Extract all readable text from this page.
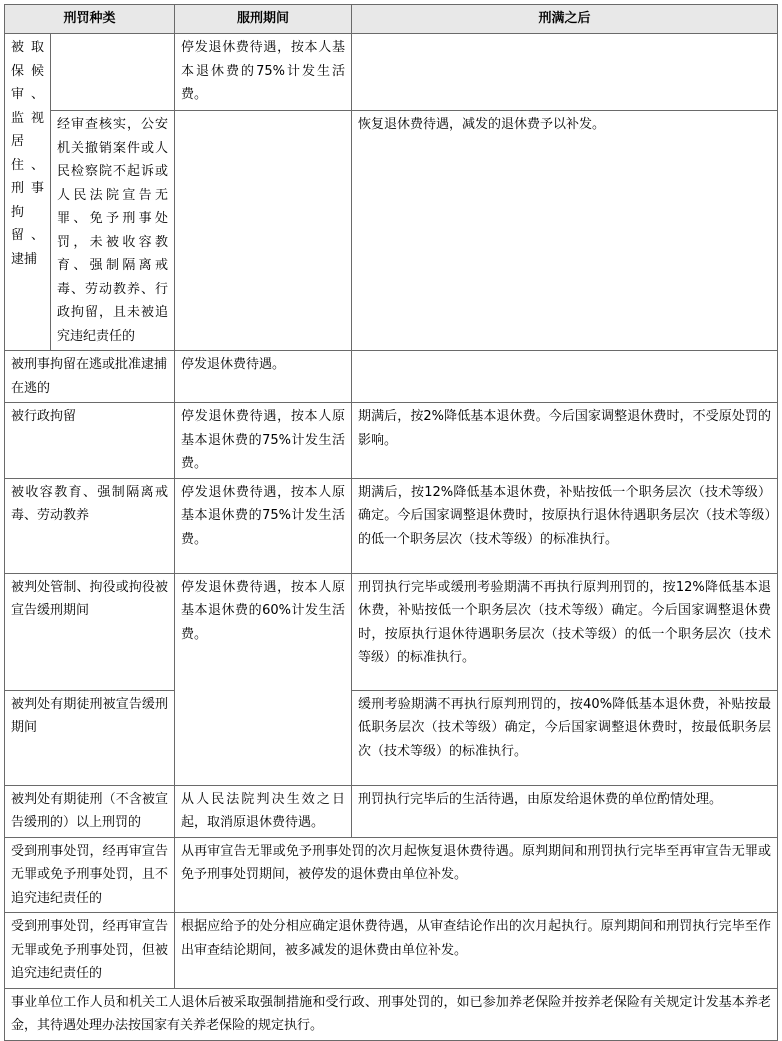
刑罚种类		服刑期间	刑满之后
被取保候审、监视居住、刑事拘留、逮捕		停发退休费待遇，按本人基本退休费的75%计发生活费。	
	经审查核实，公安机关撤销案件或人民检察院不起诉或人民法院宣告无罪、免予刑事处罚，未被收容教育、强制隔离戒毒、劳动教养、行政拘留，且未被追究违纪责任的		恢复退休费待遇，减发的退休费予以补发。
被刑事拘留在逃或批准逮捕在逃的		停发退休费待遇。	
被行政拘留		停发退休费待遇，按本人原基本退休费的75%计发生活费。	期满后，按2%降低基本退休费。今后国家调整退休费时，不受原处罚的影响。
被收容教育、强制隔离戒毒、劳动教养		停发退休费待遇，按本人原基本退休费的75%计发生活费。	期满后，按12%降低基本退休费，补贴按低一个职务层次（技术等级）确定。今后国家调整退休费时，按原执行退休待遇职务层次（技术等级）的低一个职务层次（技术等级）的标准执行。
被判处管制、拘役或拘役被宣告缓刑期间		停发退休费待遇，按本人原基本退休费的60%计发生活费。	刑罚执行完毕或缓刑考验期满不再执行原判刑罚的，按12%降低基本退休费，补贴按低一个职务层次（技术等级）确定。今后国家调整退休费时，按原执行退休待遇职务层次（技术等级）的低一个职务层次（技术等级）的标准执行。
被判处有期徒刑被宣告缓刑期间			缓刑考验期满不再执行原判刑罚的，按40%降低基本退休费，补贴按最低职务层次（技术等级）确定，今后国家调整退休费时，按最低职务层次（技术等级）的标准执行。
被判处有期徒刑（不含被宣告缓刑的）以上刑罚的		从人民法院判决生效之日起，取消原退休费待遇。	刑罚执行完毕后的生活待遇，由原发给退休费的单位酌情处理。
受到刑事处罚，经再审宣告无罪或免予刑事处罚，且不追究违纪责任的		从再审宣告无罪或免予刑事处罚的次月起恢复退休费待遇。原判期间和刑罚执行完毕至再审宣告无罪或免予刑事处罚期间，被停发的退休费由单位补发。	
受到刑事处罚，经再审宣告无罪或免予刑事处罚，但被追究违纪责任的		根据应给予的处分相应确定退休费待遇，从审查结论作出的次月起执行。原判期间和刑罚执行完毕至作出审查结论期间，被多减发的退休费由单位补发。	
事业单位工作人员和机关工人退休后被采取强制措施和受行政、刑事处罚的，如已参加养老保险并按养老保险有关规定计发基本养老金，其待遇处理办法按国家有关养老保险的规定执行。			
